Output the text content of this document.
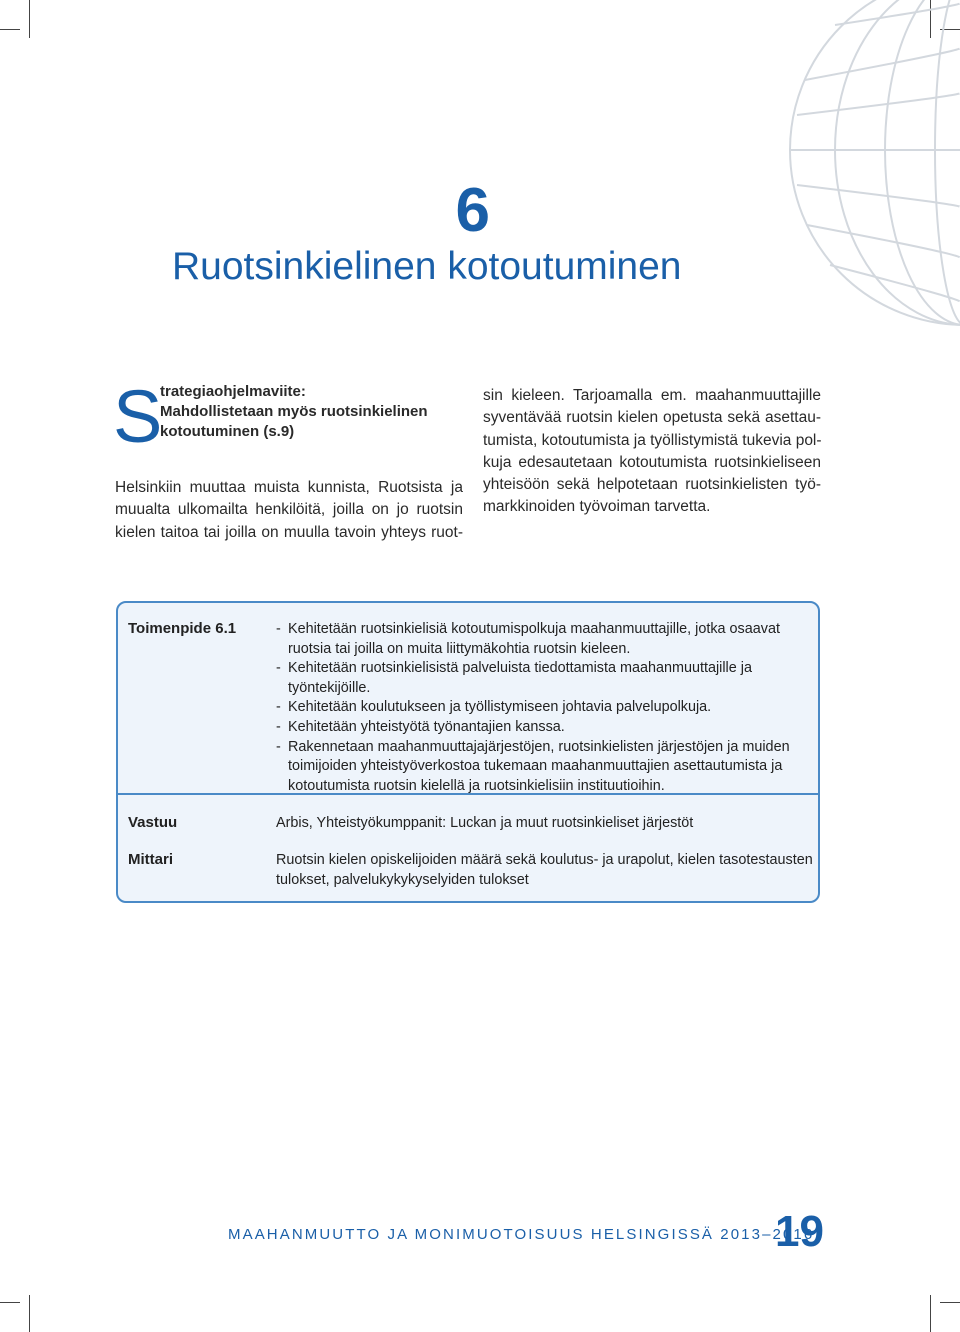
6
Ruotsinkielinen kotoutuminen
S
trategiaohjelmaviite:
Mahdollistetaan myös ruotsinkielinen
kotoutuminen (s.9)
Helsinkiin muuttaa muista kunnista, Ruotsista ja
muualta ulkomailta henkilöitä, joilla on jo ruotsin
kielen taitoa tai joilla on muulla tavoin yhteys ruot-
sin kieleen. Tarjoamalla em. maahanmuuttajille
syventävää ruotsin kielen opetusta sekä asettau-
tumista, kotoutumista ja työllistymistä tukevia pol-
kuja edesautetaan kotoutumista ruotsinkieliseen
yhteisöön sekä helpotetaan ruotsinkielisten työ-
markkinoiden työvoiman tarvetta.
Toimenpide 6.1	- Kehitetään ruotsinkielisiä kotoutumispolkuja maahanmuuttajille, jotka osaavat ruotsia tai joilla on muita liittymäkohtia ruotsin kieleen.
- Kehitetään ruotsinkielisistä palveluista tiedottamista maahanmuuttajille ja työntekijöille.
- Kehitetään koulutukseen ja työllistymiseen johtavia palvelupolkuja.
- Kehitetään yhteistyötä työnantajien kanssa.
- Rakennetaan maahanmuuttajajärjestöjen, ruotsinkielisten järjestöjen ja muiden toimijoiden yhteistyöverkostoa tukemaan maahanmuuttajien asettautumista ja kotoutumista ruotsin kielellä ja ruotsinkielisiin instituutioihin.
Vastuu	Arbis, Yhteistyökumppanit: Luckan ja muut ruotsinkieliset järjestöt
Mittari	Ruotsin kielen opiskelijoiden määrä sekä koulutus- ja urapolut, kielen tasotestausten tulokset, palvelukykykyselyiden tulokset
MAAHANMUUTTO JA MONIMUOTOISUUS HELSINGISSÄ 2013–2016
19
